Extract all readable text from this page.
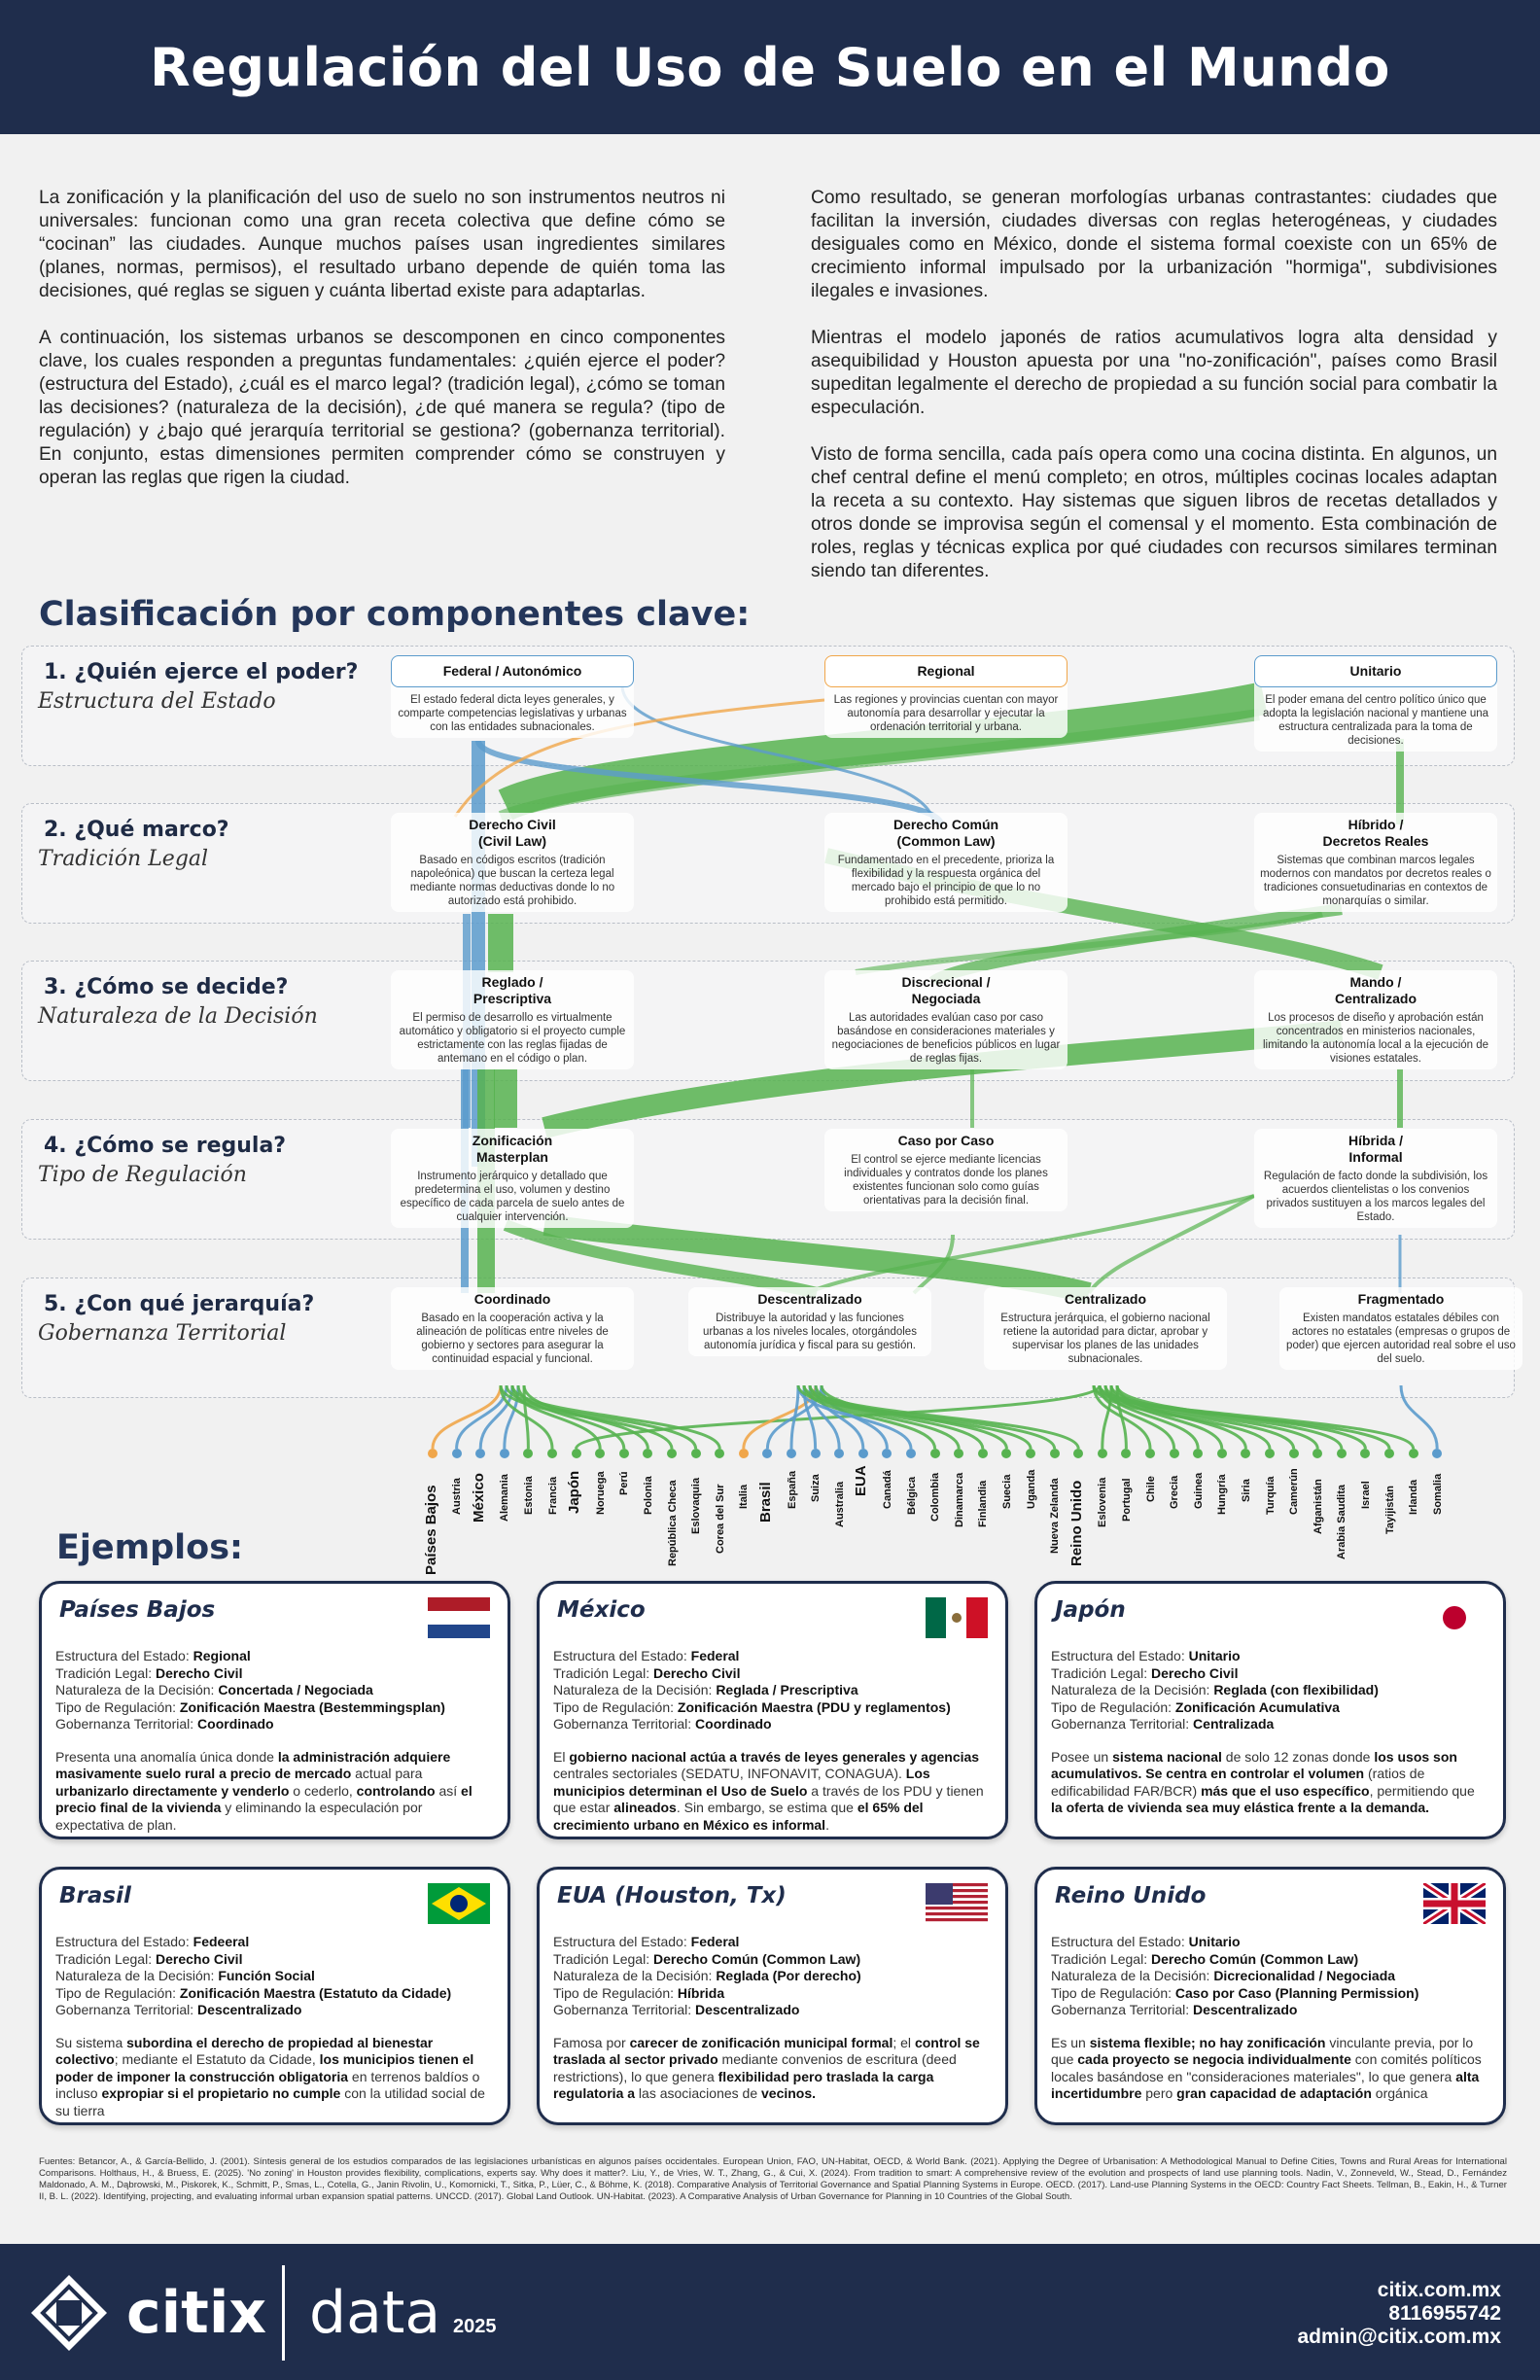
Regulación del Uso de Suelo en el Mundo

La zonificación y la planificación del uso de suelo no son instrumentos neutros ni universales: funcionan como una gran receta colectiva que define cómo se “cocinan” las ciudades. Aunque muchos países usan ingredientes similares (planes, normas, permisos), el resultado urbano depende de quién toma las decisiones, qué reglas se siguen y cuánta libertad existe para adaptarlas.

A continuación, los sistemas urbanos se descomponen en cinco componentes clave, los cuales responden a preguntas fundamentales: ¿quién ejerce el poder? (estructura del Estado), ¿cuál es el marco legal? (tradición legal), ¿cómo se toman las decisiones? (naturaleza de la decisión), ¿de qué manera se regula? (tipo de regulación) y ¿bajo qué jerarquía territorial se gestiona? (gobernanza territorial). En conjunto, estas dimensiones permiten comprender cómo se construyen y operan las reglas que rigen la ciudad.

Como resultado, se generan morfologías urbanas contrastantes: ciudades que facilitan la inversión, ciudades diversas con reglas heterogéneas, y ciudades desiguales como en México, donde el sistema formal coexiste con un 65% de crecimiento informal impulsado por la urbanización "hormiga", subdivisiones ilegales e invasiones.

Mientras el modelo japonés de ratios acumulativos logra alta densidad y asequibilidad y Houston apuesta por una "no-zonificación", países como Brasil supeditan legalmente el derecho de propiedad a su función social para combatir la especulación.

Visto de forma sencilla, cada país opera como una cocina distinta. En algunos, un chef central define el menú completo; en otros, múltiples cocinas locales adaptan la receta a su contexto. Hay sistemas que siguen libros de recetas detallados y otros donde se improvisa según el comensal y el momento. Esta combinación de roles, reglas y técnicas explica por qué ciudades con recursos similares terminan siendo tan diferentes.

Clasificación por componentes clave:
1. ¿Quién ejerce el poder?
Estructura del Estado
2. ¿Qué marco?
Tradición Legal
3. ¿Cómo se decide?
Naturaleza de la Decisión
4. ¿Cómo se regula?
Tipo de Regulación
5. ¿Con qué jerarquía?
Gobernanza Territorial
Federal / Autonómico
El estado federal dicta leyes generales, y comparte competencias legislativas y urbanas con las entidades subnacionales.
Regional
Las regiones y provincias cuentan con mayor autonomía para desarrollar y ejecutar la ordenación territorial y urbana.
Unitario
El poder emana del centro político único que adopta la legislación nacional y mantiene una estructura centralizada para la toma de decisiones.
Derecho Civil
(Civil Law)
Basado en códigos escritos (tradición napoleónica) que buscan la certeza legal mediante normas deductivas donde lo no autorizado está prohibido.
Derecho Común
(Common Law)
Fundamentado en el precedente, prioriza la flexibilidad y la respuesta orgánica del mercado bajo el principio de que lo no prohibido está permitido.
Híbrido /
Decretos Reales
Sistemas que combinan marcos legales modernos con mandatos por decretos reales o tradiciones consuetudinarias en contextos de monarquías o similar.
Reglado /
Prescriptiva
El permiso de desarrollo es virtualmente automático y obligatorio si el proyecto cumple estrictamente con las reglas fijadas de antemano en el código o plan.
Discrecional /
Negociada
Las autoridades evalúan caso por caso basándose en consideraciones materiales y negociaciones de beneficios públicos en lugar de reglas fijas.
Mando /
Centralizado
Los procesos de diseño y aprobación están concentrados en ministerios nacionales, limitando la autonomía local a la ejecución de visiones estatales.
Zonificación
Masterplan
Instrumento jerárquico y detallado que predetermina el uso, volumen y destino específico de cada parcela de suelo antes de cualquier intervención.
Caso por Caso
El control se ejerce mediante licencias individuales y contratos donde los planes existentes funcionan solo como guías orientativas para la decisión final.
Híbrida /
Informal
Regulación de facto donde la subdivisión, los acuerdos clientelistas o los convenios privados sustituyen a los marcos legales del Estado.
Coordinado
Basado en la cooperación activa y la alineación de políticas entre niveles de gobierno y sectores para asegurar la continuidad espacial y funcional.
Descentralizado
Distribuye la autoridad y las funciones urbanas a los niveles locales, otorgándoles autonomía jurídica y fiscal para su gestión.
Centralizado
Estructura jerárquica, el gobierno nacional retiene la autoridad para dictar, aprobar y supervisar los planes de las unidades subnacionales.
Fragmentado
Existen mandatos estatales débiles con actores no estatales (empresas o grupos de poder) que ejercen autoridad real sobre el uso del suelo.
Países Bajos Austria México Alemania Estonia Francia Japón Noruega Perú Polonia República Checa Eslovaquia Corea del Sur Italia Brasil España Suiza Australia
EUA Canadá Bélgica Colombia Dinamarca Finlandia Suecia Uganda Nueva Zelanda Reino Unido Eslovenia Portugal Chile Grecia Guinea Hungría Siria Turquía Camerún Afganistán Arabia Saudita Israel Tayijistán Irlanda Somalia
Ejemplos:
Países Bajos
Estructura del Estado: Regional
Tradición Legal: Derecho Civil
Naturaleza de la Decisión: Concertada / Negociada
Tipo de Regulación: Zonificación Maestra (Bestemmingsplan)
Gobernanza Territorial: Coordinado
Presenta una anomalía única donde la administración adquiere masivamente suelo rural a precio de mercado actual para urbanizarlo directamente y venderlo o cederlo, controlando así el precio final de la vivienda y eliminando la especulación por expectativa de plan.
México
Estructura del Estado: Federal
Tradición Legal: Derecho Civil
Naturaleza de la Decisión: Reglada / Prescriptiva
Tipo de Regulación: Zonificación Maestra (PDU y reglamentos)
Gobernanza Territorial: Coordinado
El gobierno nacional actúa a través de leyes generales y agencias centrales sectoriales (SEDATU, INFONAVIT, CONAGUA). Los municipios determinan el Uso de Suelo a través de los PDU y tienen que estar alineados. Sin embargo, se estima que el 65% del crecimiento urbano en México es informal.
Japón
Estructura del Estado: Unitario
Tradición Legal: Derecho Civil
Naturaleza de la Decisión: Reglada (con flexibilidad)
Tipo de Regulación: Zonificación Acumulativa
Gobernanza Territorial: Centralizada
Posee un sistema nacional de solo 12 zonas donde los usos son acumulativos. Se centra en controlar el volumen (ratios de edificabilidad FAR/BCR) más que el uso específico, permitiendo que la oferta de vivienda sea muy elástica frente a la demanda.
Brasil
Estructura del Estado: Fedeeral
Tradición Legal: Derecho Civil
Naturaleza de la Decisión: Función Social
Tipo de Regulación: Zonificación Maestra (Estatuto da Cidade)
Gobernanza Territorial: Descentralizado
Su sistema subordina el derecho de propiedad al bienestar colectivo; mediante el Estatuto da Cidade, los municipios tienen el poder de imponer la construcción obligatoria en terrenos baldíos o incluso expropiar si el propietario no cumple con la utilidad social de su tierra
EUA (Houston, Tx)
Estructura del Estado: Federal
Tradición Legal: Derecho Común (Common Law)
Naturaleza de la Decisión: Reglada (Por derecho)
Tipo de Regulación: Híbrida
Gobernanza Territorial: Descentralizado
Famosa por carecer de zonificación municipal formal; el control se traslada al sector privado mediante convenios de escritura (deed restrictions), lo que genera flexibilidad pero traslada la carga regulatoria a las asociaciones de vecinos.
Reino Unido
Estructura del Estado: Unitario
Tradición Legal: Derecho Común (Common Law)
Naturaleza de la Decisión: Dicrecionalidad / Negociada
Tipo de Regulación: Caso por Caso (Planning Permission)
Gobernanza Territorial: Descentralizado
Es un sistema flexible; no hay zonificación vinculante previa, por lo que cada proyecto se negocia individualmente con comités políticos locales basándose en "consideraciones materiales", lo que genera alta incertidumbre pero gran capacidad de adaptación orgánica
Fuentes: Betancor, A., & García-Bellido, J. (2001). Síntesis general de los estudios comparados de las legislaciones urbanísticas en algunos países occidentales. European Union, FAO, UN-Habitat, OECD, & World Bank. (2021). Applying the Degree of Urbanisation: A Methodological Manual to Define Cities, Towns and Rural Areas for International Comparisons. Holthaus, H., & Bruess, E. (2025). 'No zoning' in Houston provides flexibility, complications, experts say. Why does it matter?. Liu, Y., de Vries, W. T., Zhang, G., & Cui, X. (2024). From tradition to smart: A comprehensive review of the evolution and prospects of land use planning tools. Nadin, V., Zonneveld, W., Stead, D., Fernández Maldonado, A. M., Dąbrowski, M., Piskorek, K., Schmitt, P., Smas, L., Cotella, G., Janin Rivolin, U., Komornicki, T., Sitka, P., Lüer, C., & Böhme, K. (2018). Comparative Analysis of Territorial Governance and Spatial Planning Systems in Europe. OECD. (2017). Land-use Planning Systems in the OECD: Country Fact Sheets. Tellman, B., Eakin, H., & Turner II, B. L. (2022). Identifying, projecting, and evaluating informal urban expansion spatial patterns. UNCCD. (2017). Global Land Outlook. UN-Habitat. (2023). A Comparative Analysis of Urban Governance for Planning in 10 Countries of the Global South.
citix data 2025
citix.com.mx
8116955742
admin@citix.com.mx
